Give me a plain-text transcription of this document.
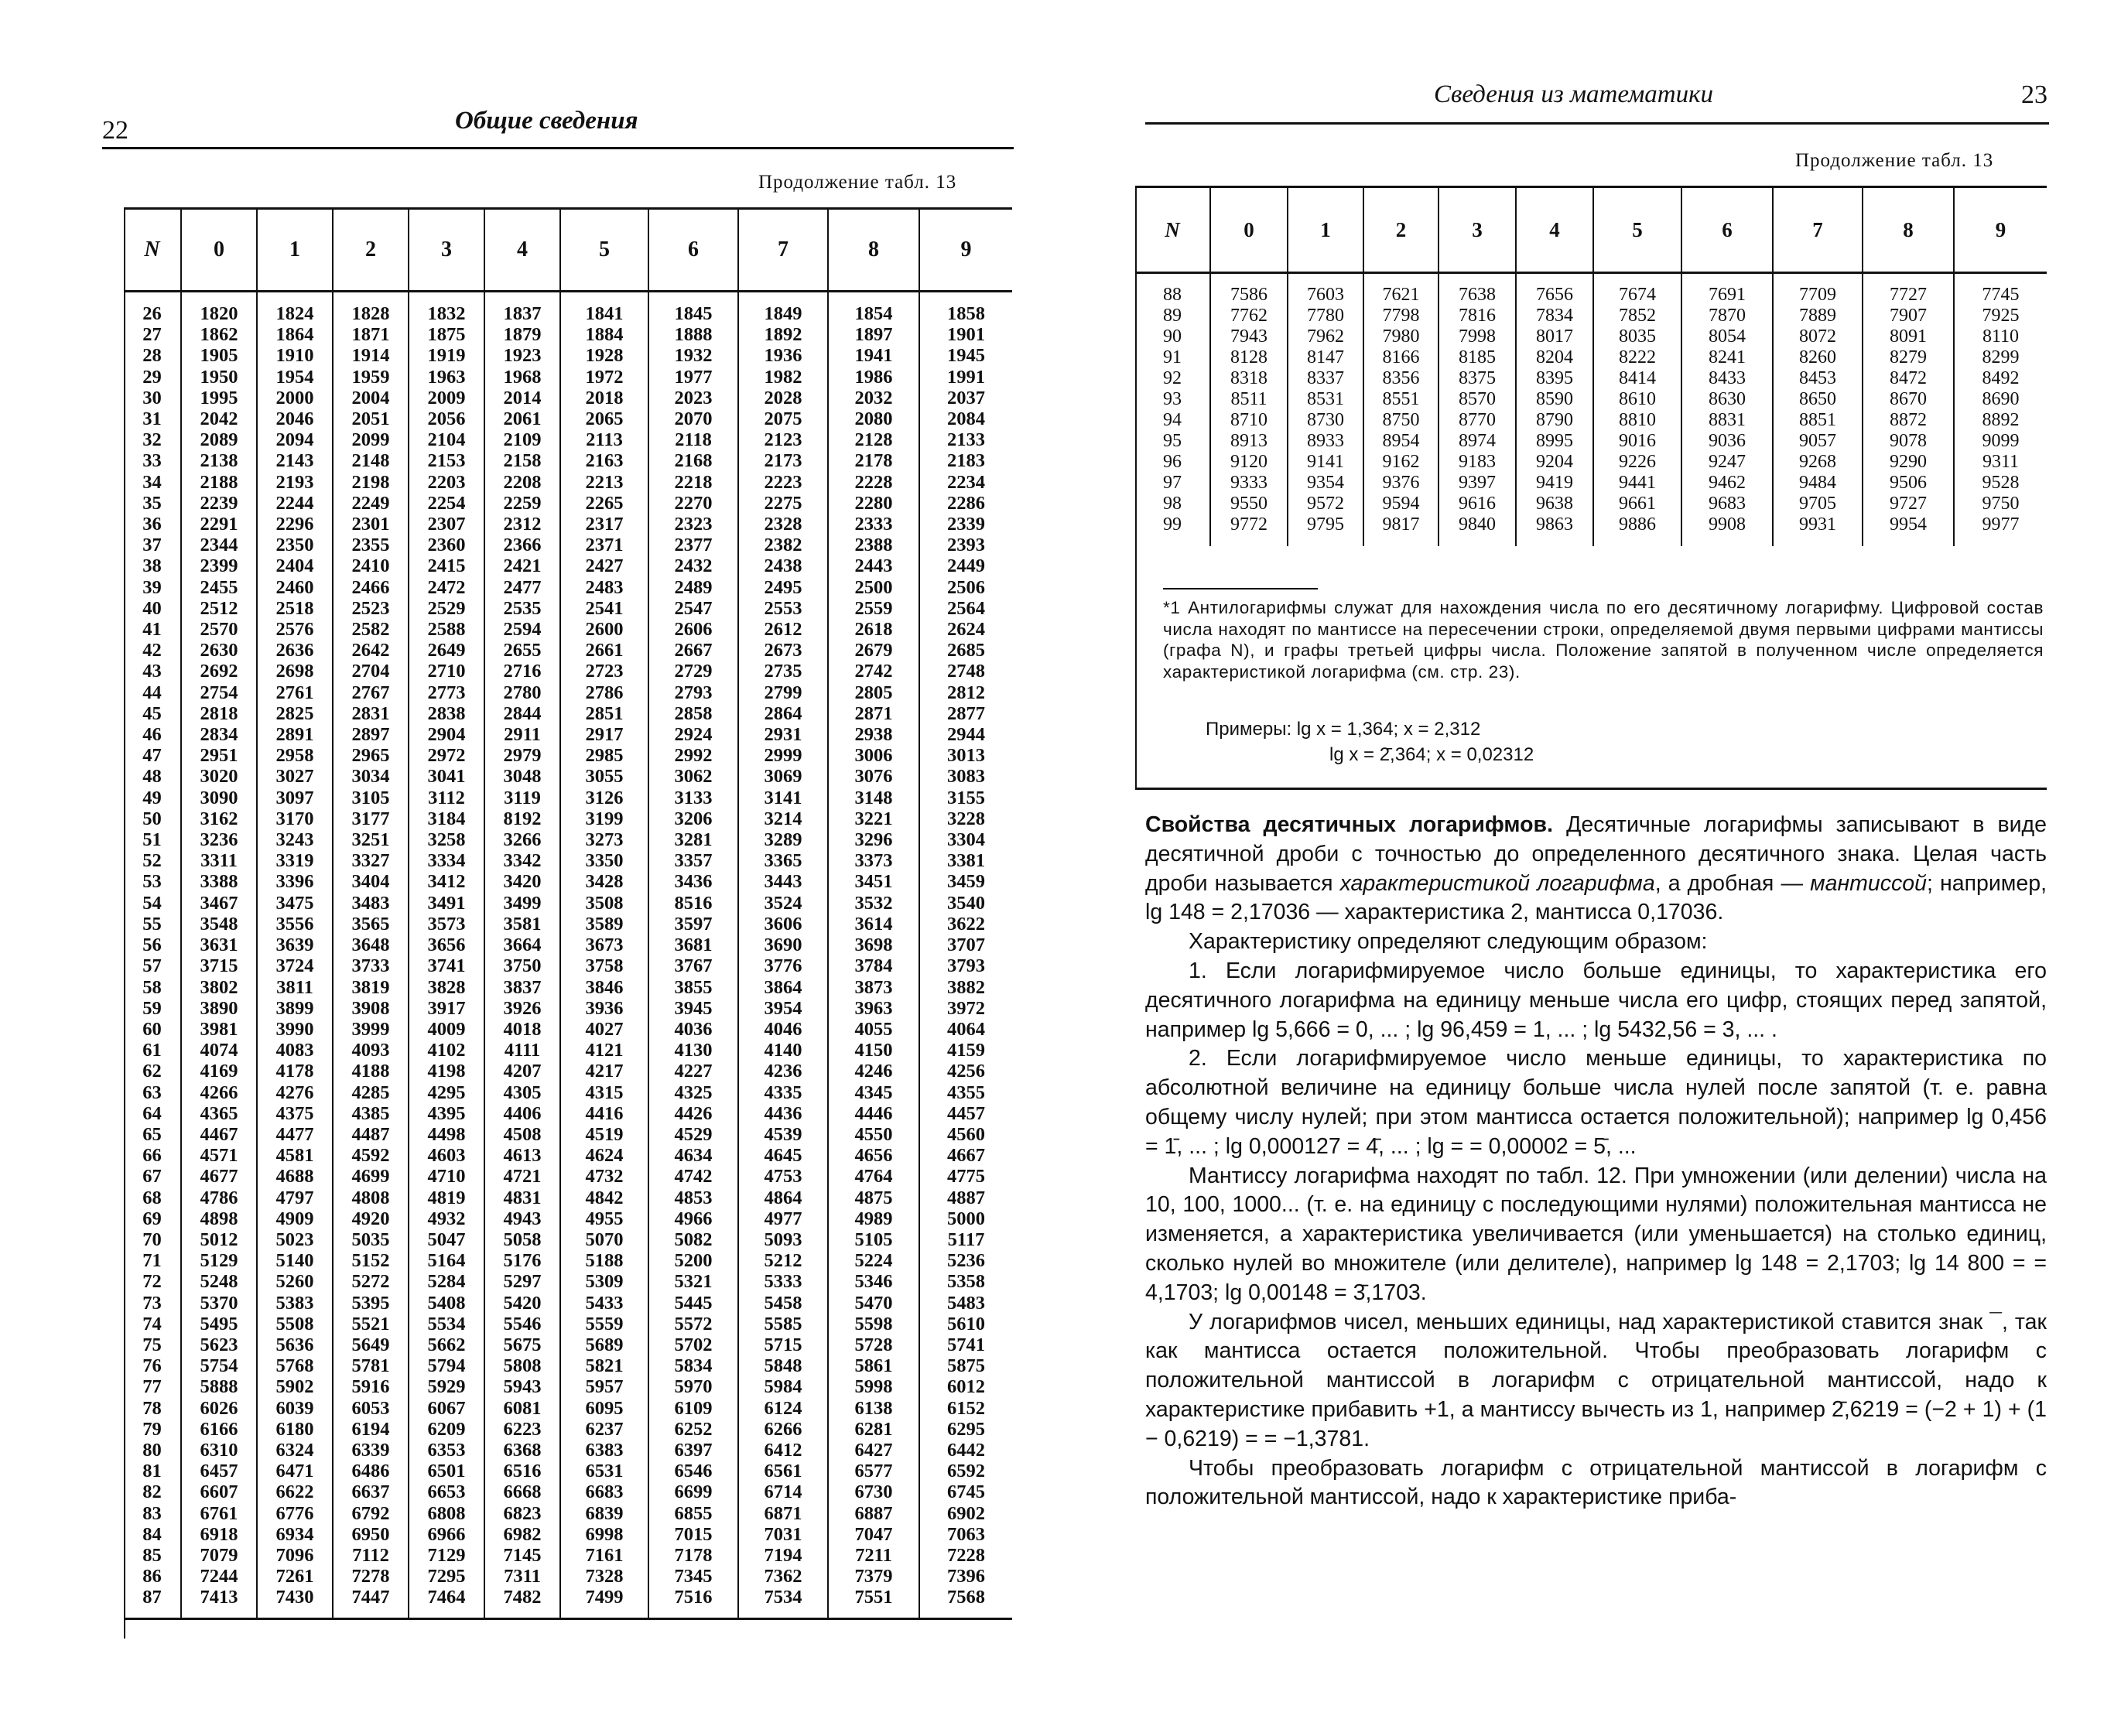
22	Общие сведения
Продолжение табл. 13
N	0	1	2	3	4	5	6	7	8	9
26	1820	1824	1828	1832	1837	1841	1845	1849	1854	1858
27	1862	1864	1871	1875	1879	1884	1888	1892	1897	1901
28	1905	1910	1914	1919	1923	1928	1932	1936	1941	1945
29	1950	1954	1959	1963	1968	1972	1977	1982	1986	1991
30	1995	2000	2004	2009	2014	2018	2023	2028	2032	2037
31	2042	2046	2051	2056	2061	2065	2070	2075	2080	2084
32	2089	2094	2099	2104	2109	2113	2118	2123	2128	2133
33	2138	2143	2148	2153	2158	2163	2168	2173	2178	2183
34	2188	2193	2198	2203	2208	2213	2218	2223	2228	2234
35	2239	2244	2249	2254	2259	2265	2270	2275	2280	2286
36	2291	2296	2301	2307	2312	2317	2323	2328	2333	2339
37	2344	2350	2355	2360	2366	2371	2377	2382	2388	2393
38	2399	2404	2410	2415	2421	2427	2432	2438	2443	2449
39	2455	2460	2466	2472	2477	2483	2489	2495	2500	2506
40	2512	2518	2523	2529	2535	2541	2547	2553	2559	2564
41	2570	2576	2582	2588	2594	2600	2606	2612	2618	2624
42	2630	2636	2642	2649	2655	2661	2667	2673	2679	2685
43	2692	2698	2704	2710	2716	2723	2729	2735	2742	2748
44	2754	2761	2767	2773	2780	2786	2793	2799	2805	2812
45	2818	2825	2831	2838	2844	2851	2858	2864	2871	2877
46	2834	2891	2897	2904	2911	2917	2924	2931	2938	2944
47	2951	2958	2965	2972	2979	2985	2992	2999	3006	3013
48	3020	3027	3034	3041	3048	3055	3062	3069	3076	3083
49	3090	3097	3105	3112	3119	3126	3133	3141	3148	3155
50	3162	3170	3177	3184	8192	3199	3206	3214	3221	3228
51	3236	3243	3251	3258	3266	3273	3281	3289	3296	3304
52	3311	3319	3327	3334	3342	3350	3357	3365	3373	3381
53	3388	3396	3404	3412	3420	3428	3436	3443	3451	3459
54	3467	3475	3483	3491	3499	3508	8516	3524	3532	3540
55	3548	3556	3565	3573	3581	3589	3597	3606	3614	3622
56	3631	3639	3648	3656	3664	3673	3681	3690	3698	3707
57	3715	3724	3733	3741	3750	3758	3767	3776	3784	3793
58	3802	3811	3819	3828	3837	3846	3855	3864	3873	3882
59	3890	3899	3908	3917	3926	3936	3945	3954	3963	3972
60	3981	3990	3999	4009	4018	4027	4036	4046	4055	4064
61	4074	4083	4093	4102	4111	4121	4130	4140	4150	4159
62	4169	4178	4188	4198	4207	4217	4227	4236	4246	4256
63	4266	4276	4285	4295	4305	4315	4325	4335	4345	4355
64	4365	4375	4385	4395	4406	4416	4426	4436	4446	4457
65	4467	4477	4487	4498	4508	4519	4529	4539	4550	4560
66	4571	4581	4592	4603	4613	4624	4634	4645	4656	4667
67	4677	4688	4699	4710	4721	4732	4742	4753	4764	4775
68	4786	4797	4808	4819	4831	4842	4853	4864	4875	4887
69	4898	4909	4920	4932	4943	4955	4966	4977	4989	5000
70	5012	5023	5035	5047	5058	5070	5082	5093	5105	5117
71	5129	5140	5152	5164	5176	5188	5200	5212	5224	5236
72	5248	5260	5272	5284	5297	5309	5321	5333	5346	5358
73	5370	5383	5395	5408	5420	5433	5445	5458	5470	5483
74	5495	5508	5521	5534	5546	5559	5572	5585	5598	5610
75	5623	5636	5649	5662	5675	5689	5702	5715	5728	5741
76	5754	5768	5781	5794	5808	5821	5834	5848	5861	5875
77	5888	5902	5916	5929	5943	5957	5970	5984	5998	6012
78	6026	6039	6053	6067	6081	6095	6109	6124	6138	6152
79	6166	6180	6194	6209	6223	6237	6252	6266	6281	6295
80	6310	6324	6339	6353	6368	6383	6397	6412	6427	6442
81	6457	6471	6486	6501	6516	6531	6546	6561	6577	6592
82	6607	6622	6637	6653	6668	6683	6699	6714	6730	6745
83	6761	6776	6792	6808	6823	6839	6855	6871	6887	6902
84	6918	6934	6950	6966	6982	6998	7015	7031	7047	7063
85	7079	7096	7112	7129	7145	7161	7178	7194	7211	7228
86	7244	7261	7278	7295	7311	7328	7345	7362	7379	7396
87	7413	7430	7447	7464	7482	7499	7516	7534	7551	7568
Сведения из математики	23
Продолжение табл. 13
N	0	1	2	3	4	5	6	7	8	9
88	7586	7603	7621	7638	7656	7674	7691	7709	7727	7745
89	7762	7780	7798	7816	7834	7852	7870	7889	7907	7925
90	7943	7962	7980	7998	8017	8035	8054	8072	8091	8110
91	8128	8147	8166	8185	8204	8222	8241	8260	8279	8299
92	8318	8337	8356	8375	8395	8414	8433	8453	8472	8492
93	8511	8531	8551	8570	8590	8610	8630	8650	8670	8690
94	8710	8730	8750	8770	8790	8810	8831	8851	8872	8892
95	8913	8933	8954	8974	8995	9016	9036	9057	9078	9099
96	9120	9141	9162	9183	9204	9226	9247	9268	9290	9311
97	9333	9354	9376	9397	9419	9441	9462	9484	9506	9528
98	9550	9572	9594	9616	9638	9661	9683	9705	9727	9750
99	9772	9795	9817	9840	9863	9886	9908	9931	9954	9977
*1 Антилогарифмы служат для нахождения числа по его десятичному логарифму. Цифровой состав числа находят по мантиссе на пересечении строки, определяемой двумя первыми цифрами мантиссы (графа N), и графы третьей цифры числа. Положение запятой в полученном числе определяется характеристикой логарифма (см. стр. 23).
Примеры: lg x = 1,364; x = 2,312
lg x = 2̄,364; x = 0,02312

Свойства десятичных логарифмов. Десятичные логарифмы записывают в виде десятичной дроби с точностью до определенного десятичного знака. Целая часть дроби называется характеристикой логарифма, а дробная — мантиссой; например, lg 148 = 2,17036 — характеристика 2, мантисса 0,17036.

Характеристику определяют следующим образом:

1. Если логарифмируемое число больше единицы, то характеристика его десятичного логарифма на единицу меньше числа его цифр, стоящих перед запятой, например lg 5,666 = 0, ... ; lg 96,459 = 1, ... ; lg 5432,56 = 3, ... .

2. Если логарифмируемое число меньше единицы, то характеристика по абсолютной величине на единицу больше числа нулей после запятой (т. е. равна общему числу нулей; при этом мантисса остается положительной); например lg 0,456 = 1̄, ... ; lg 0,000127 = 4̄, ... ; lg = = 0,00002 = 5̄, ...

Мантиссу логарифма находят по табл. 12. При умножении (или делении) числа на 10, 100, 1000... (т. е. на единицу с последующими нулями) положительная мантисса не изменяется, а характеристика увеличивается (или уменьшается) на столько единиц, сколько нулей во множителе (или делителе), например lg 148 = 2,1703; lg 14 800 = = 4,1703; lg 0,00148 = 3̄,1703.

У логарифмов чисел, меньших единицы, над характеристикой ставится знак ¯, так как мантисса остается положительной. Чтобы преобразовать логарифм с положительной мантиссой в логарифм с отрицательной мантиссой, надо к характеристике прибавить +1, а мантиссу вычесть из 1, например 2̄,6219 = (−2 + 1) + (1 − 0,6219) = = −1,3781.

Чтобы преобразовать логарифм с отрицательной мантиссой в логарифм с положительной мантиссой, надо к характеристике приба-
